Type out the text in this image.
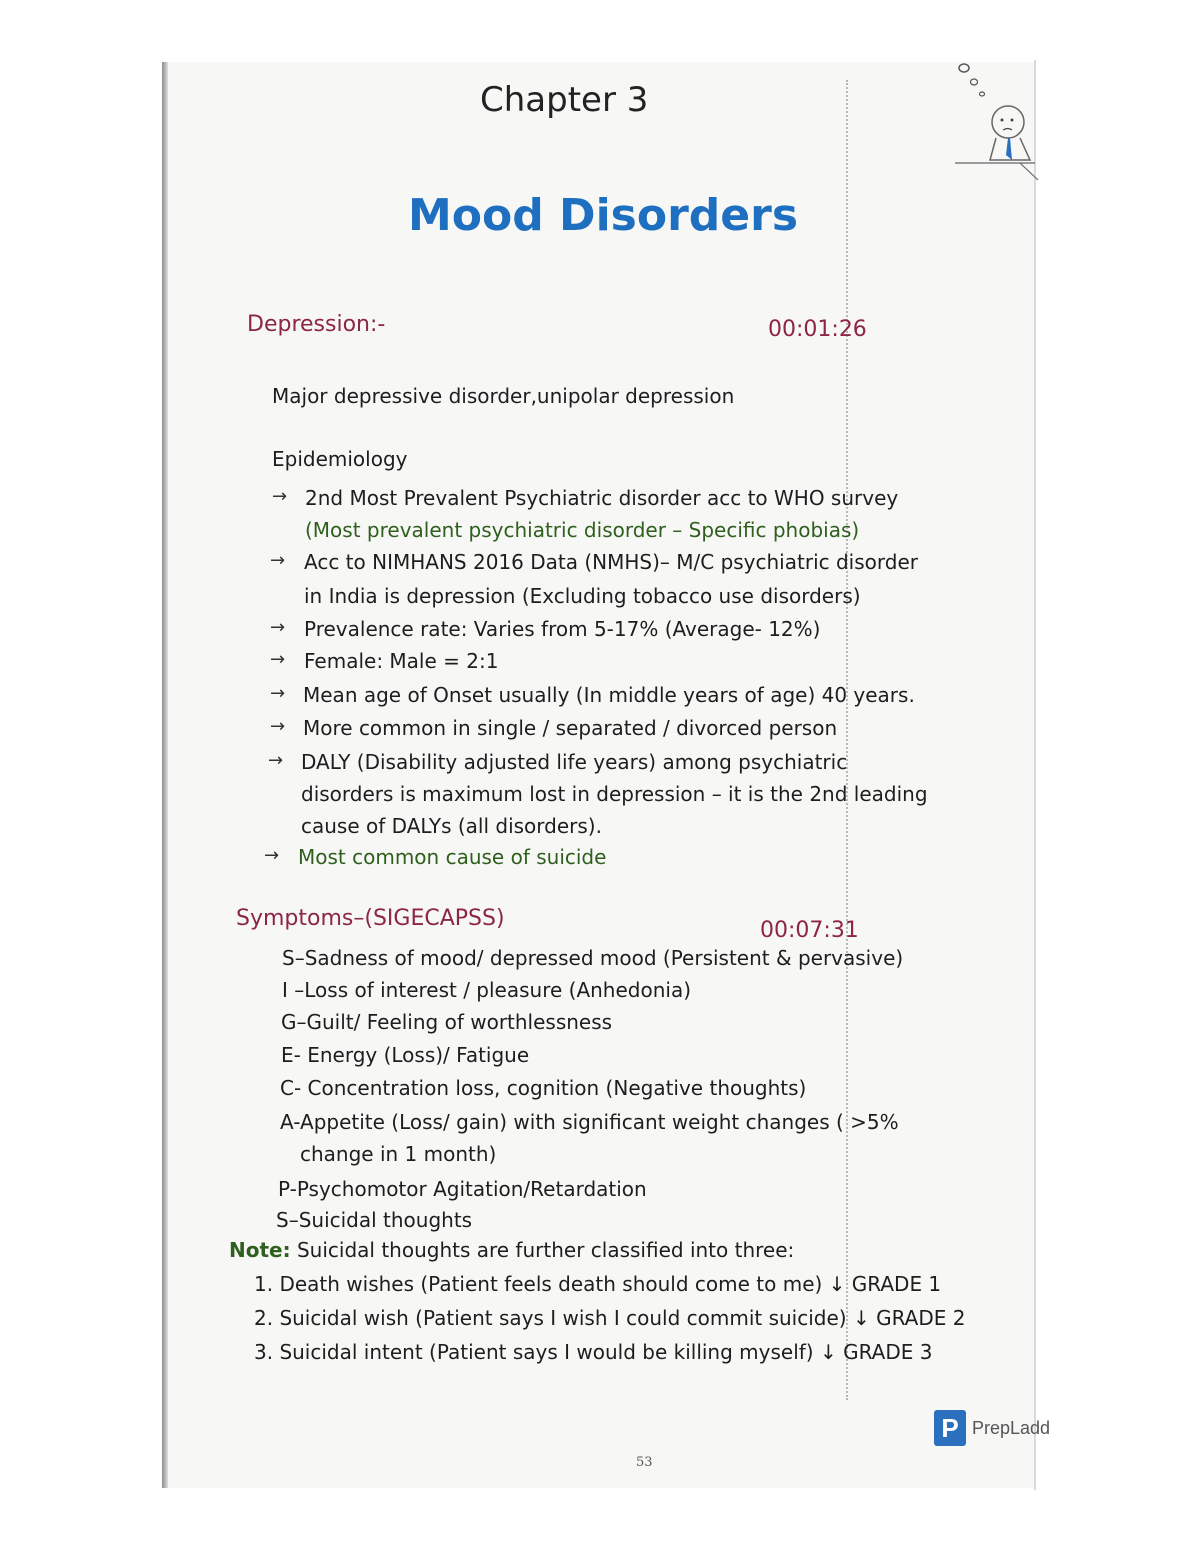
Chapter 3
Mood Disorders
Depression:-	00:01:26
Major depressive disorder,unipolar depression
Epidemiology
→ 2nd Most Prevalent Psychiatric disorder acc to WHO survey
(Most prevalent psychiatric disorder – Specific phobias)
→ Acc to NIMHANS 2016 Data (NMHS)– M/C psychiatric disorder
in India is depression (Excluding tobacco use disorders)
→ Prevalence rate: Varies from 5-17% (Average- 12%)
→ Female: Male = 2:1
→ Mean age of Onset usually (In middle years of age) 40 years.
→ More common in single / separated / divorced person
→ DALY (Disability adjusted life years) among psychiatric
disorders is maximum lost in depression – it is the 2nd leading
cause of DALYs (all disorders).
→ Most common cause of suicide
Symptoms–(SIGECAPSS)	00:07:31
S–Sadness of mood/ depressed mood (Persistent & pervasive)
I –Loss of interest / pleasure (Anhedonia)
G–Guilt/ Feeling of worthlessness
E- Energy (Loss)/ Fatigue
C- Concentration loss, cognition (Negative thoughts)
A-Appetite (Loss/ gain) with significant weight changes ( >5%
change in 1 month)
P-Psychomotor Agitation/Retardation
S–Suicidal thoughts
Note: Suicidal thoughts are further classified into three:
1. Death wishes (Patient feels death should come to me) ↓ GRADE 1
2. Suicidal wish (Patient says I wish I could commit suicide) ↓ GRADE 2
3. Suicidal intent (Patient says I would be killing myself) ↓ GRADE 3
53
P PrepLadd
